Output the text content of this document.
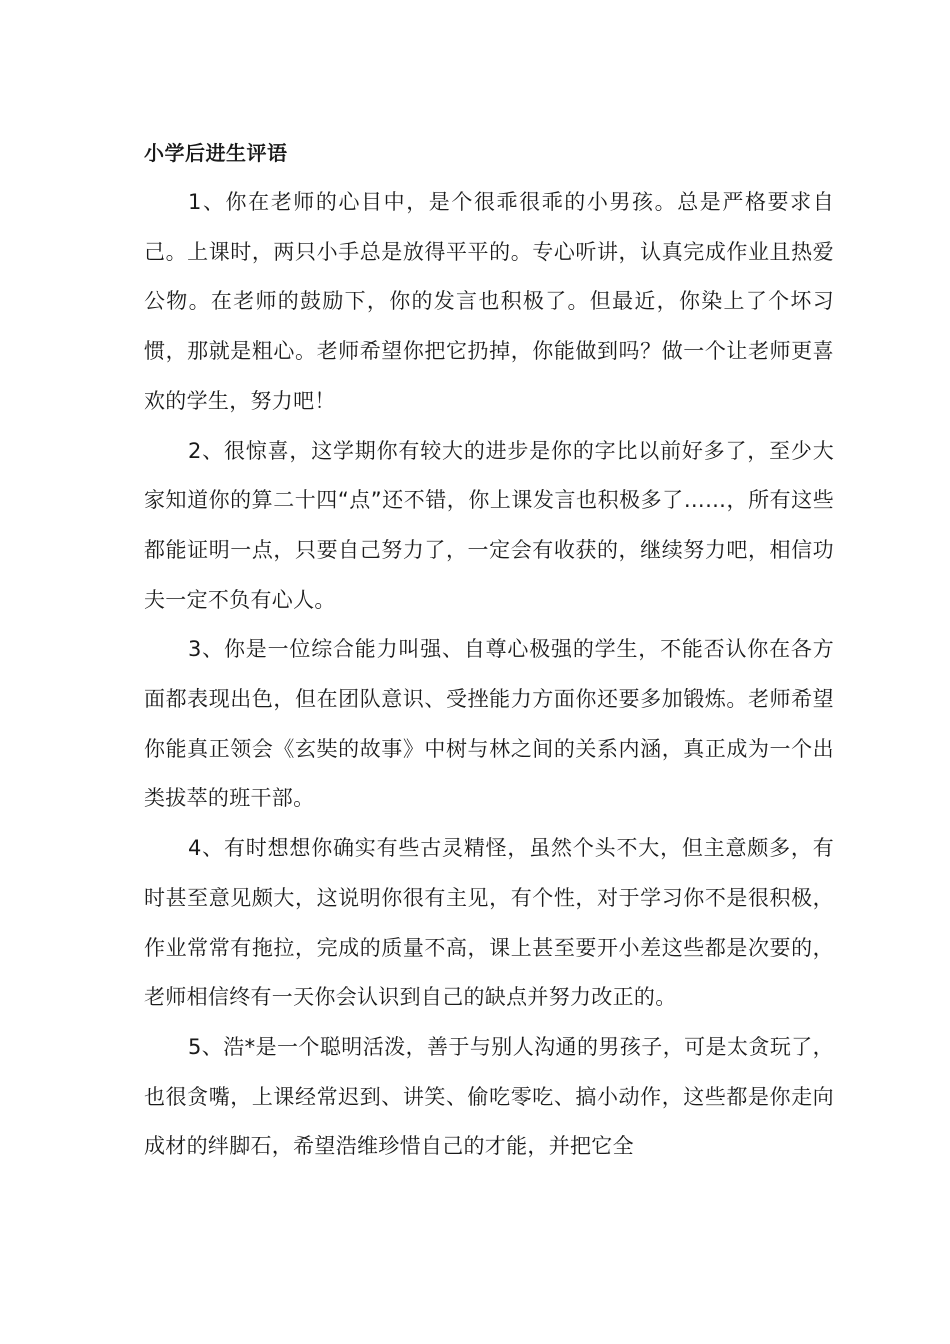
小学后进生评语

1、你在老师的心目中，是个很乖很乖的小男孩。总是严格要求自己。上课时，两只小手总是放得平平的。专心听讲，认真完成作业且热爱公物。在老师的鼓励下，你的发言也积极了。但最近，你染上了个坏习惯，那就是粗心。老师希望你把它扔掉，你能做到吗？做一个让老师更喜欢的学生，努力吧！

2、很惊喜，这学期你有较大的进步是你的字比以前好多了，至少大家知道你的算二十四“点”还不错，你上课发言也积极多了……，所有这些都能证明一点，只要自己努力了，一定会有收获的，继续努力吧，相信功夫一定不负有心人。

3、你是一位综合能力叫强、自尊心极强的学生，不能否认你在各方面都表现出色，但在团队意识、受挫能力方面你还要多加锻炼。老师希望你能真正领会《玄奘的故事》中树与林之间的关系内涵，真正成为一个出类拔萃的班干部。

4、有时想想你确实有些古灵精怪，虽然个头不大，但主意颇多，有时甚至意见颇大，这说明你很有主见，有个性，对于学习你不是很积极，作业常常有拖拉，完成的质量不高，课上甚至要开小差这些都是次要的，老师相信终有一天你会认识到自己的缺点并努力改正的。

5、浩*是一个聪明活泼，善于与别人沟通的男孩子，可是太贪玩了，也很贪嘴，上课经常迟到、讲笑、偷吃零吃、搞小动作，这些都是你走向成材的绊脚石，希望浩维珍惜自己的才能，并把它全
